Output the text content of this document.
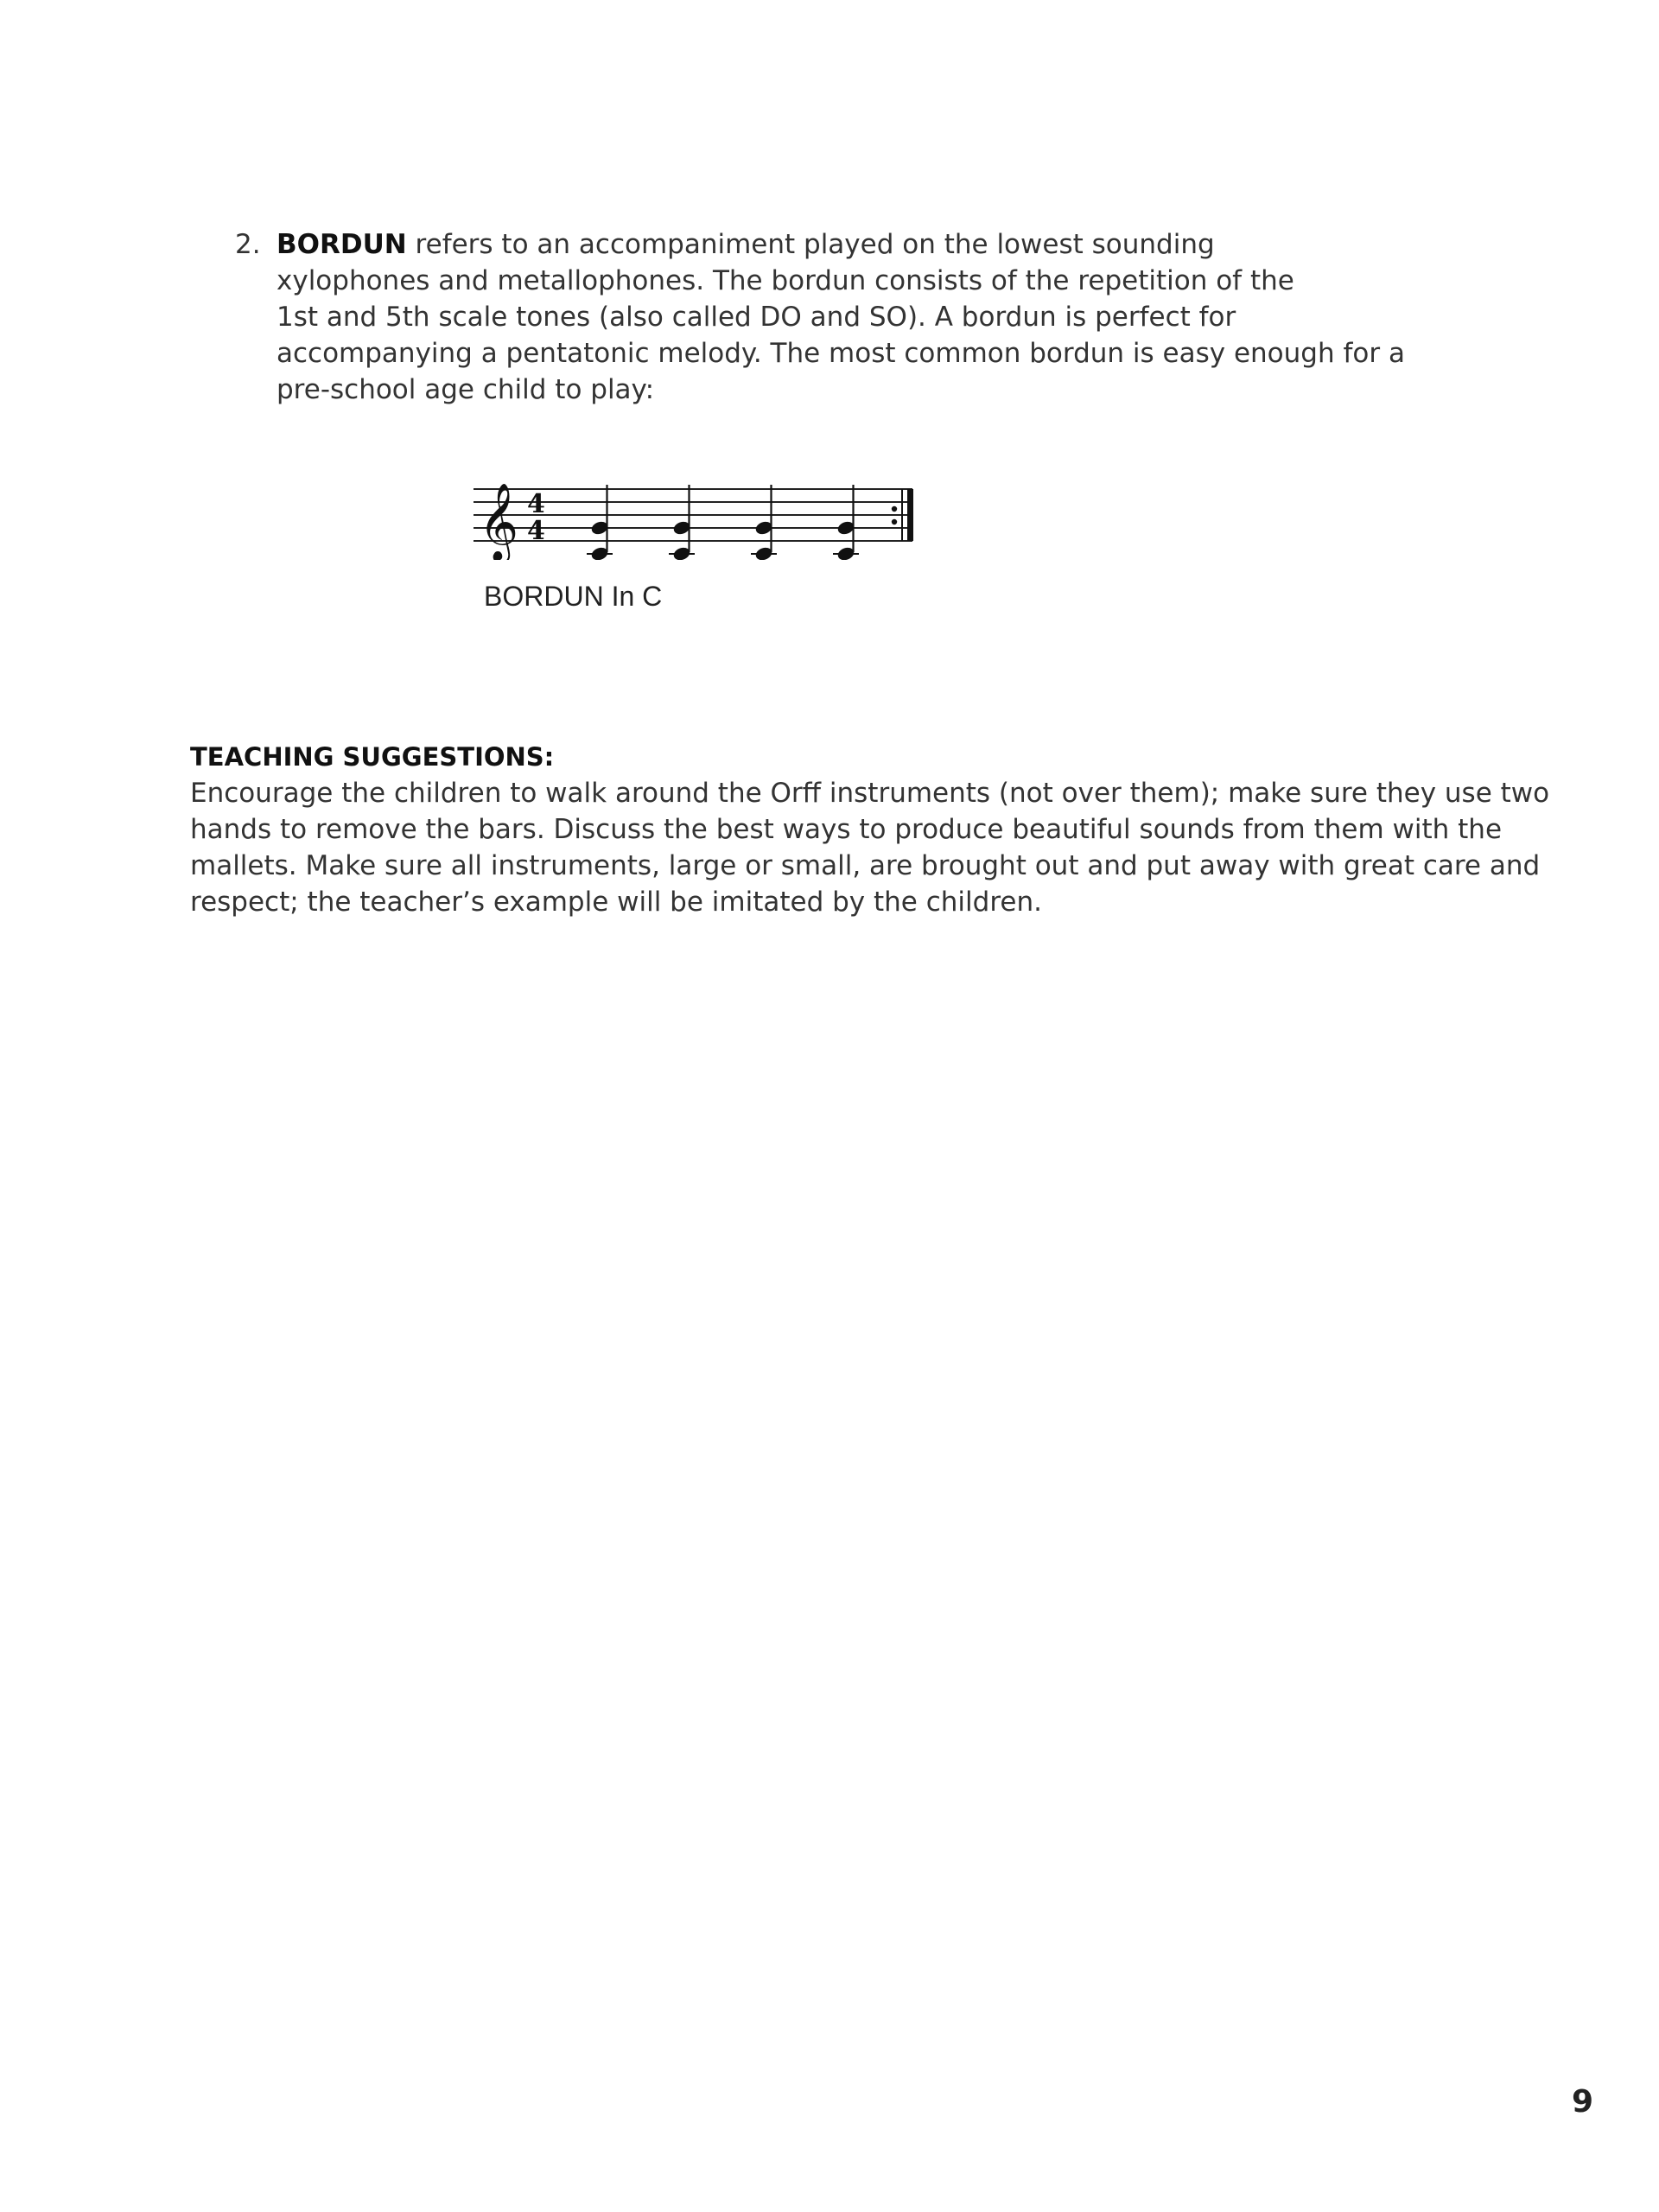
2. BORDUN refers to an accompaniment played on the lowest sounding
xylophones and metallophones. The bordun consists of the repetition of the
1st and 5th scale tones (also called DO and SO). A bordun is perfect for
accompanying a pentatonic melody. The most common bordun is easy enough for a
pre-school age child to play:
𝄞 4
4
BORDUN In C
TEACHING SUGGESTIONS:
Encourage the children to walk around the Orff instruments (not over them); make sure they use two
hands to remove the bars. Discuss the best ways to produce beautiful sounds from them with the
mallets. Make sure all instruments, large or small, are brought out and put away with great care and
respect; the teacher’s example will be imitated by the children.
9
